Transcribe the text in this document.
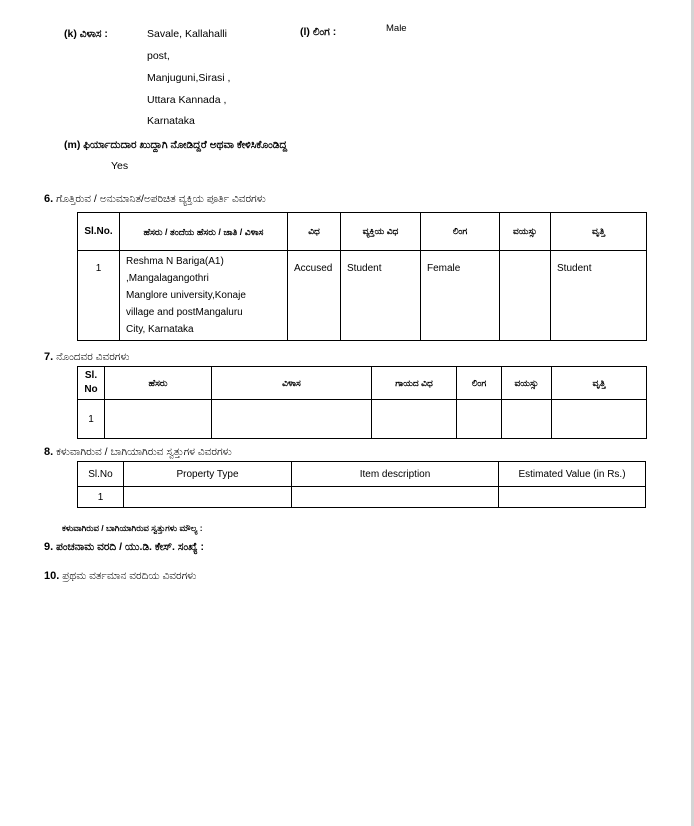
(k) ವಿಳಾಸ :	Savale, Kallahalli
post,
Manjuguni,Sirasi ,
Uttara Kannada ,
Karnataka
(l) ಲಿಂಗ :	Male
(m) ಫಿರ್ಯಾದುದಾರ ಖುದ್ದಾಗಿ ನೋಡಿದ್ದರೆ ಅಥವಾ ಕೇಳಿಸಿಕೊಂಡಿದ್ದ
Yes
6. ಗೊತ್ತಿರುವ / ಅನುಮಾನಿತ/ಅಪರಿಚಿತ ವ್ಯಕ್ತಿಯ ಪೂರ್ತಿ ವಿವರಗಳು
Sl.No.	ಹೆಸರು / ತಂದೆಯ ಹೆಸರು / ಜಾತಿ / ವಿಳಾಸ	ವಿಧ	ವ್ಯಕ್ತಿಯ ವಿಧ	ಲಿಂಗ	ವಯಸ್ಸು	ವೃತ್ತಿ
1	Reshma N Bariga(A1)
,Mangalagangothri
Manglore university,Konaje
village and postMangaluru
City, Karnataka	Accused	Student	Female		Student
7. ನೊಂದವರ ವಿವರಗಳು
Sl. No	ಹೆಸರು	ವಿಳಾಸ	ಗಾಯದ ವಿಧ	ಲಿಂಗ	ವಯಸ್ಸು	ವೃತ್ತಿ
1						
8. ಕಳುವಾಗಿರುವ / ಬಾಗಿಯಾಗಿರುವ ಸ್ವತ್ತುಗಳ ವಿವರಗಳು
Sl.No	Property Type	Item description	Estimated Value (in Rs.)
1			
ಕಳುವಾಗಿರುವ / ಬಾಗಿಯಾಗಿರುವ ಸ್ವತ್ತುಗಳು ಮೌಲ್ಯ :
9. ಪಂಚನಾಮ ವರದಿ / ಯು.ಡಿ. ಕೇಸ್. ಸಂಖ್ಯೆ :
10. ಪ್ರಥಮ ವರ್ತಮಾನ ವರದಿಯ ವಿವರಗಳು
